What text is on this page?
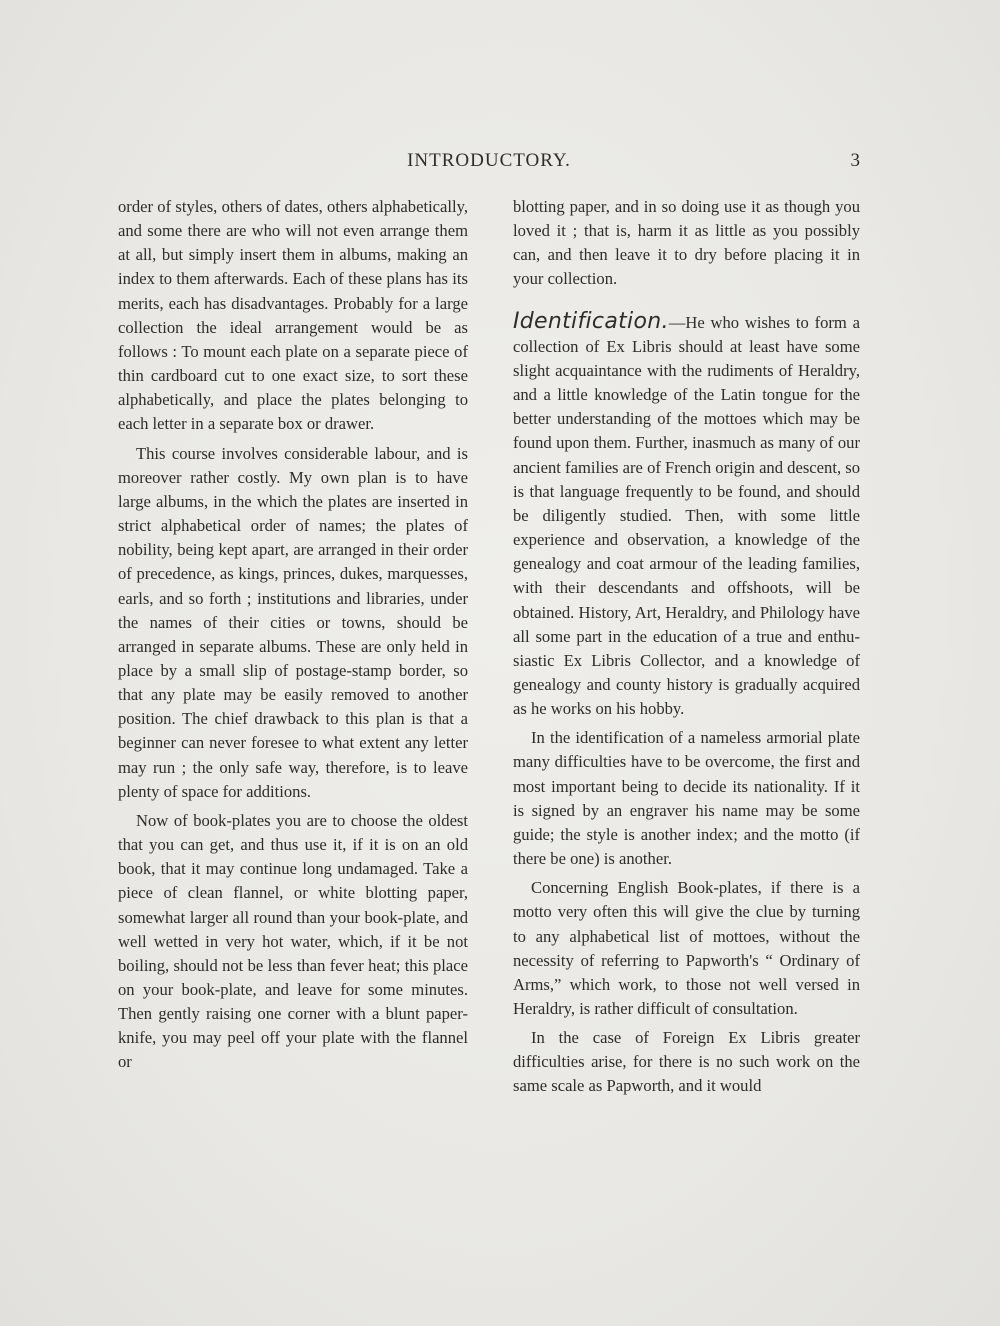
INTRODUCTORY.	3

order of styles, others of dates, others alphabetically, and some there are who will not even arrange them at all, but simply insert them in albums, making an index to them afterwards. Each of these plans has its merits, each has disadvantages. Probably for a large collection the ideal arrangement would be as follows : To mount each plate on a separate piece of thin cardboard cut to one exact size, to sort these alphabetically, and place the plates belonging to each letter in a separate box or drawer.

This course involves considerable labour, and is moreover rather costly. My own plan is to have large albums, in the which the plates are inserted in strict alphabetical order of names; the plates of nobility, being kept apart, are arranged in their order of precedence, as kings, princes, dukes, marquesses, earls, and so forth ; institutions and libraries, under the names of their cities or towns, should be arranged in separate albums. These are only held in place by a small slip of postage-stamp border, so that any plate may be easily removed to another position. The chief drawback to this plan is that a beginner can never foresee to what extent any letter may run ; the only safe way, therefore, is to leave plenty of space for additions.

Now of book-plates you are to choose the oldest that you can get, and thus use it, if it is on an old book, that it may continue long undamaged. Take a piece of clean flannel, or white blotting paper, somewhat larger all round than your book-plate, and well wetted in very hot water, which, if it be not boiling, should not be less than fever heat; this place on your book-plate, and leave for some minutes. Then gently raising one corner with a blunt paper-knife, you may peel off your plate with the flannel or

blotting paper, and in so doing use it as though you loved it ; that is, harm it as little as you possibly can, and then leave it to dry before placing it in your collection.

Identification.—He who wishes to form a collection of Ex Libris should at least have some slight acquaintance with the rudiments of Heraldry, and a little knowledge of the Latin tongue for the better understanding of the mottoes which may be found upon them. Further, inasmuch as many of our ancient families are of French origin and descent, so is that language frequently to be found, and should be diligently studied. Then, with some little experience and observation, a knowledge of the genealogy and coat armour of the leading families, with their descendants and offshoots, will be obtained. History, Art, Heraldry, and Philology have all some part in the education of a true and enthusiastic Ex Libris Collector, and a knowledge of genealogy and county history is gradually acquired as he works on his hobby.

In the identification of a nameless armorial plate many difficulties have to be overcome, the first and most important being to decide its nationality. If it is signed by an engraver his name may be some guide; the style is another index; and the motto (if there be one) is another.

Concerning English Book-plates, if there is a motto very often this will give the clue by turning to any alphabetical list of mottoes, without the necessity of referring to Papworth's “ Ordinary of Arms,” which work, to those not well versed in Heraldry, is rather difficult of consultation.

In the case of Foreign Ex Libris greater difficulties arise, for there is no such work on the same scale as Papworth, and it would
